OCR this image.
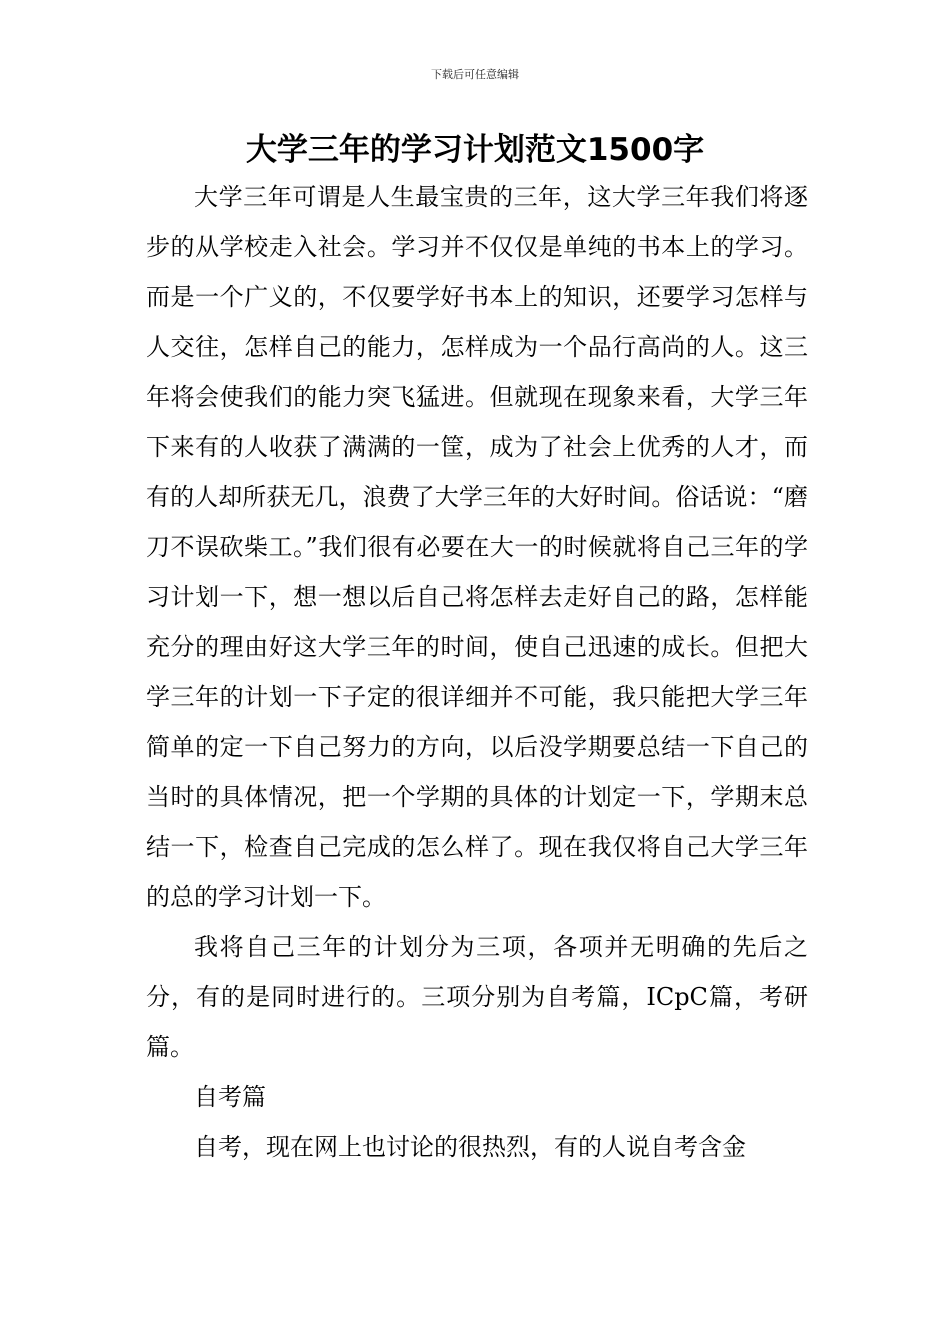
下载后可任意编辑
大学三年的学习计划范文1500字

大学三年可谓是人生最宝贵的三年，这大学三年我们将逐步的从学校走入社会。学习并不仅仅是单纯的书本上的学习。而是一个广义的，不仅要学好书本上的知识，还要学习怎样与人交往，怎样自己的能力，怎样成为一个品行高尚的人。这三年将会使我们的能力突飞猛进。但就现在现象来看，大学三年下来有的人收获了满满的一筐，成为了社会上优秀的人才，而有的人却所获无几，浪费了大学三年的大好时间。俗话说：“磨刀不误砍柴工。”我们很有必要在大一的时候就将自己三年的学习计划一下，想一想以后自己将怎样去走好自己的路，怎样能充分的理由好这大学三年的时间，使自己迅速的成长。但把大学三年的计划一下子定的很详细并不可能，我只能把大学三年简单的定一下自己努力的方向，以后没学期要总结一下自己的当时的具体情况，把一个学期的具体的计划定一下，学期末总结一下，检查自己完成的怎么样了。现在我仅将自己大学三年的总的学习计划一下。

我将自己三年的计划分为三项，各项并无明确的先后之分，有的是同时进行的。三项分别为自考篇，ICpC篇，考研篇。

自考篇

自考，现在网上也讨论的很热烈，有的人说自考含金
